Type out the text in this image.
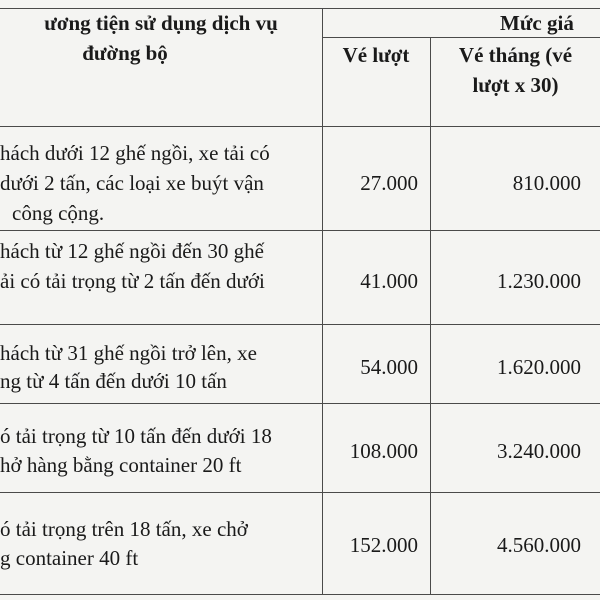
ương tiện sử dụng dịch vụ
đường bộ
Mức giá
Vé lượt	Vé tháng (vé
lượt x 30)
hách dưới 12 ghế ngồi, xe tải có
dưới 2 tấn, các loại xe buýt vận
công cộng.
27.000	810.000
hách từ 12 ghế ngồi đến 30 ghế
ải có tải trọng từ 2 tấn đến dưới	41.000	1.230.000
hách từ 31 ghế ngồi trở lên, xe
ng từ 4 tấn đến dưới 10 tấn
54.000	1.620.000
ó tải trọng từ 10 tấn đến dưới 18
hở hàng bằng container 20 ft
108.000	3.240.000
ó tải trọng trên 18 tấn, xe chở
g container 40 ft
152.000	4.560.000
